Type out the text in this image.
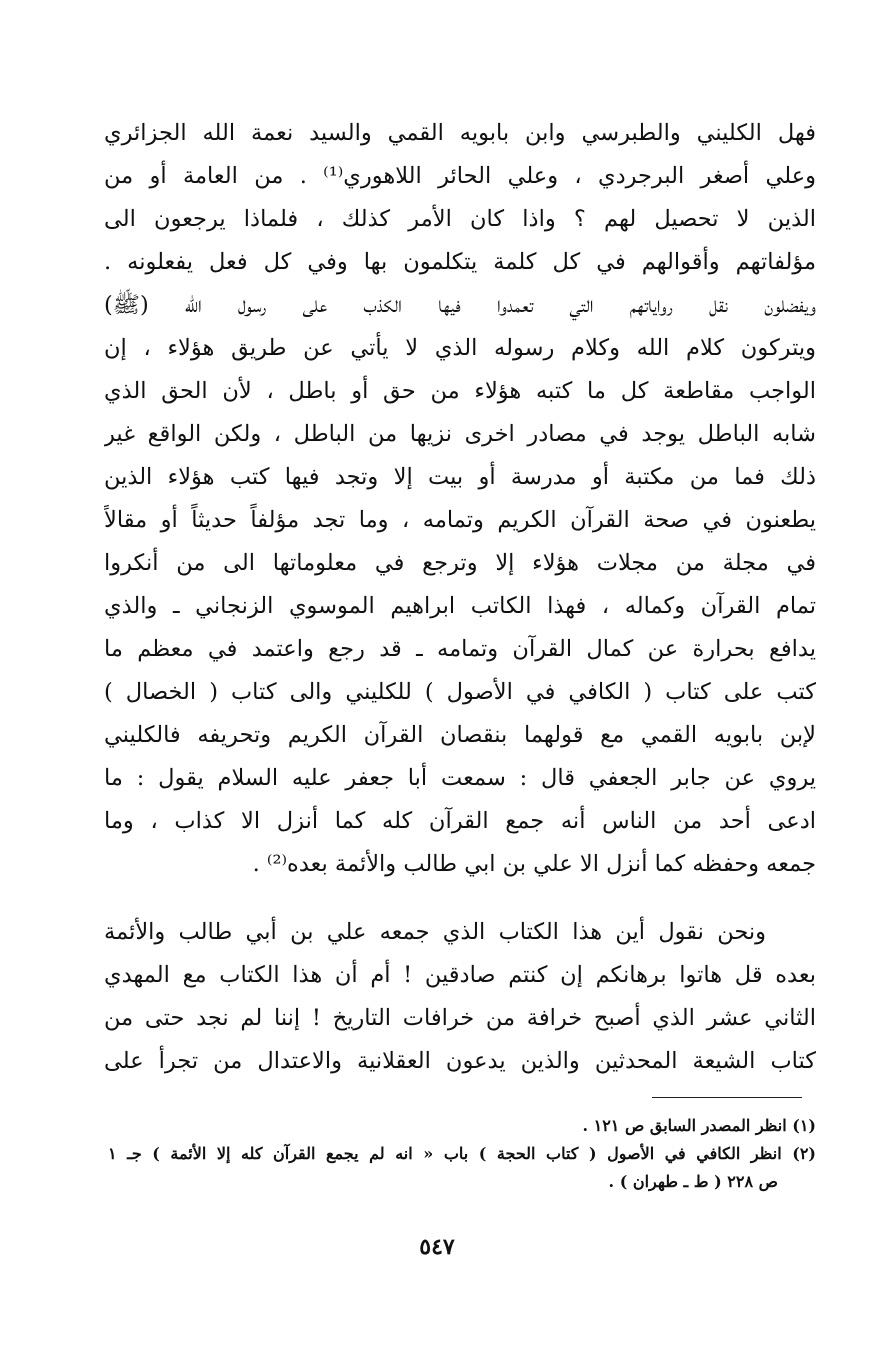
فهل الكليني والطبرسي وابن بابويه القمي والسيد نعمة الله الجزائري
وعلي أصغر البرجردي ، وعلي الحائر اللاهوري⁽¹⁾ . من العامة أو من
الذين لا تحصيل لهم ؟ واذا كان الأمر كذلك ، فلماذا يرجعون الى
مؤلفاتهم وأقوالهم في كل كلمة يتكلمون بها وفي كل فعل يفعلونه .
ويفضلون نقل رواياتهم التي تعمدوا فيها الكذب على رسول الله (ﷺ)
ويتركون كلام الله وكلام رسوله الذي لا يأتي عن طريق هؤلاء ، إن
الواجب مقاطعة كل ما كتبه هؤلاء من حق أو باطل ، لأن الحق الذي
شابه الباطل يوجد في مصادر اخرى نزيها من الباطل ، ولكن الواقع غير
ذلك فما من مكتبة أو مدرسة أو بيت إلا وتجد فيها كتب هؤلاء الذين
يطعنون في صحة القرآن الكريم وتمامه ، وما تجد مؤلفاً حديثاً أو مقالاً
في مجلة من مجلات هؤلاء إلا وترجع في معلوماتها الى من أنكروا
تمام القرآن وكماله ، فهذا الكاتب ابراهيم الموسوي الزنجاني ـ والذي
يدافع بحرارة عن كمال القرآن وتمامه ـ قد رجع واعتمد في معظم ما
كتب على كتاب ( الكافي في الأصول ) للكليني والى كتاب ( الخصال )
لإبن بابويه القمي مع قولهما بنقصان القرآن الكريم وتحريفه فالكليني
يروي عن جابر الجعفي قال : سمعت أبا جعفر عليه السلام يقول : ما
ادعى أحد من الناس أنه جمع القرآن كله كما أنزل الا كذاب ، وما
جمعه وحفظه كما أنزل الا علي بن ابي طالب والأئمة بعده⁽²⁾ .
ونحن نقول أين هذا الكتاب الذي جمعه علي بن أبي طالب والأئمة
بعده قل هاتوا برهانكم إن كنتم صادقين ! أم أن هذا الكتاب مع المهدي
الثاني عشر الذي أصبح خرافة من خرافات التاريخ ! إننا لم نجد حتى من
كتاب الشيعة المحدثين والذين يدعون العقلانية والاعتدال من تجرأ على
(١) انظر المصدر السابق ص ١٢١ .
(٢) انظر الكافي في الأصول ( كتاب الحجة ) باب « انه لم يجمع القرآن كله إلا الأئمة ) جـ ١
ص ٢٢٨ ( ط ـ طهران ) .
٥٤٧
